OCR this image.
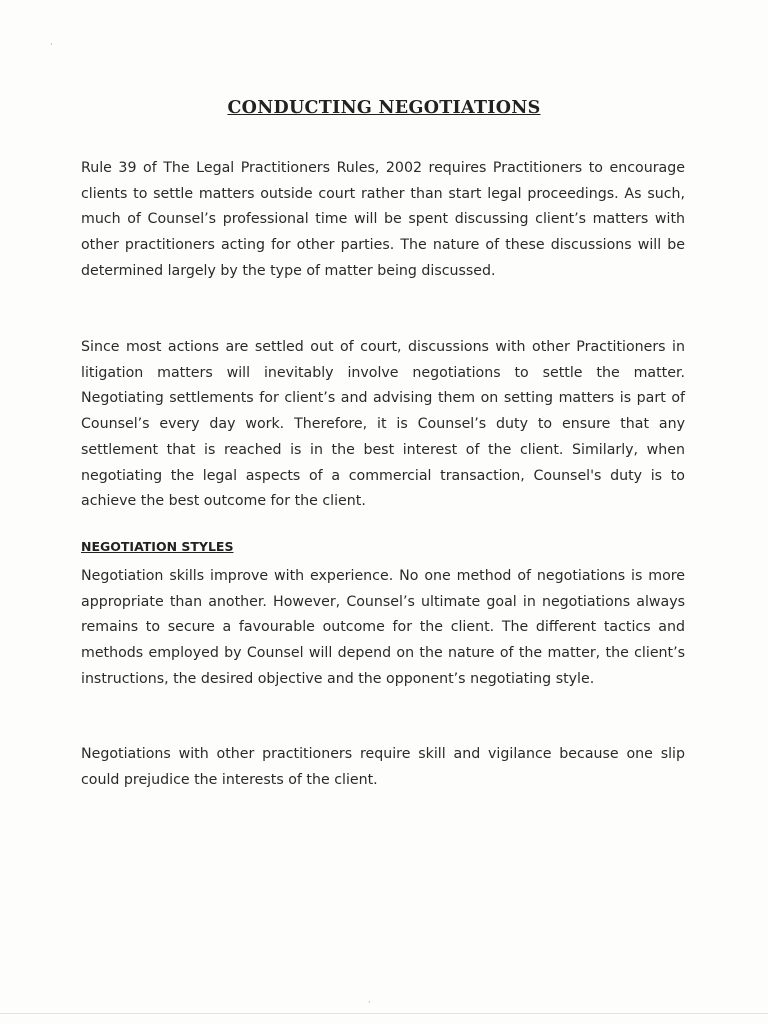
·
·
CONDUCTING NEGOTIATIONS

Rule 39 of The Legal Practitioners Rules, 2002 requires Practitioners to encourage clients to settle matters outside court rather than start legal proceedings. As such, much of Counsel’s professional time will be spent discussing client’s matters with other practitioners acting for other parties. The nature of these discussions will be determined largely by the type of matter being discussed.

Since most actions are settled out of court, discussions with other Practitioners in litigation matters will inevitably involve negotiations to settle the matter. Negotiating settlements for client’s and advising them on setting matters is part of Counsel’s every day work. Therefore, it is Counsel’s duty to ensure that any settlement that is reached is in the best interest of the client. Similarly, when negotiating the legal aspects of a commercial transaction, Counsel's duty is to achieve the best outcome for the client.

NEGOTIATION STYLES

Negotiation skills improve with experience. No one method of negotiations is more appropriate than another. However, Counsel’s ultimate goal in negotiations always remains to secure a favourable outcome for the client. The different tactics and methods employed by Counsel will depend on the nature of the matter, the client’s instructions, the desired objective and the opponent’s negotiating style.

Negotiations with other practitioners require skill and vigilance because one slip could prejudice the interests of the client.
